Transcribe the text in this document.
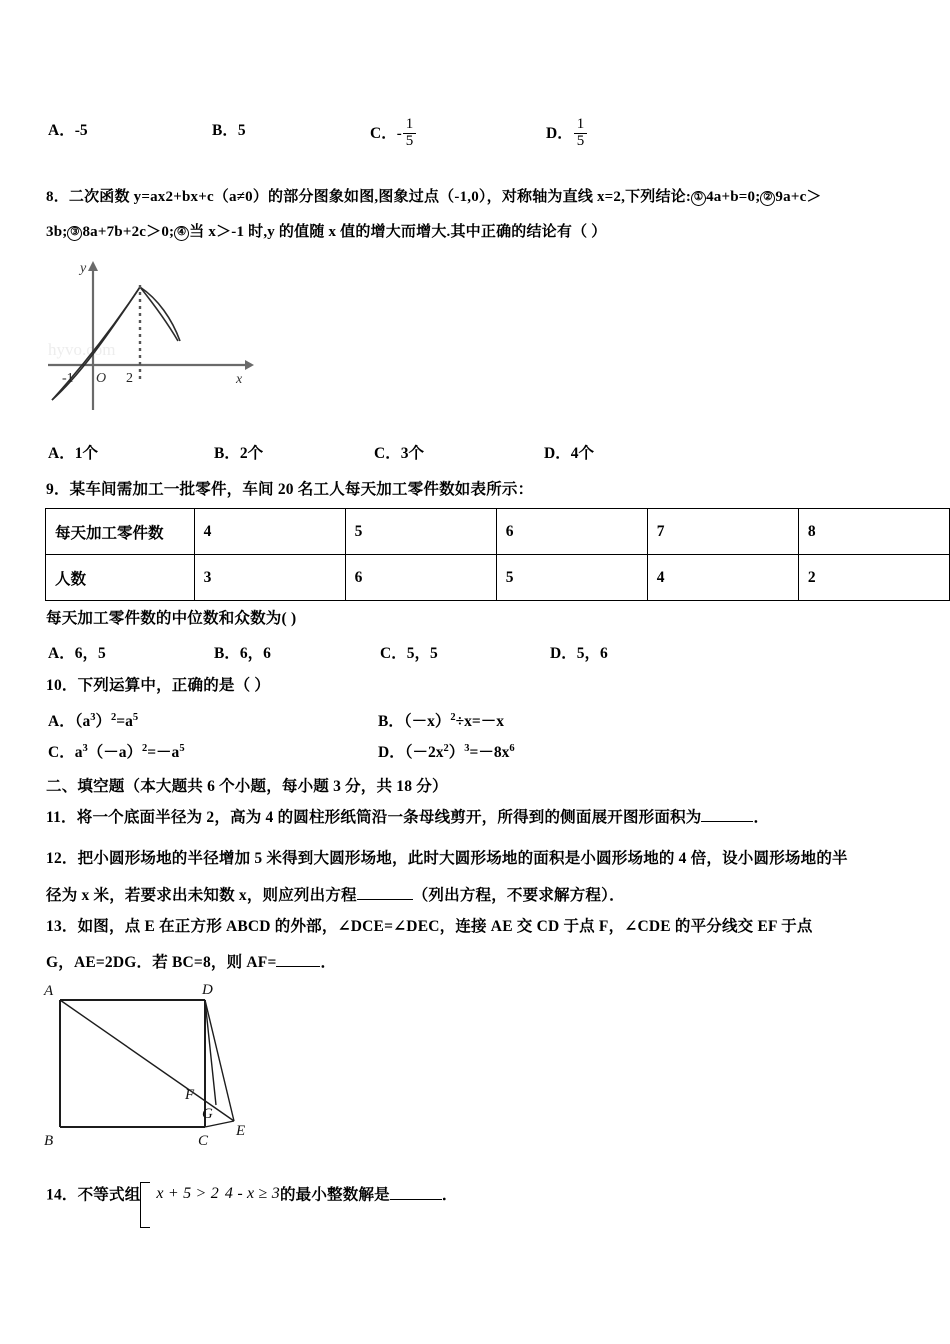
A．-5	B．5	C．- $\frac{1}{5}$	D． $\frac{1}{5}$
8．二次函数 y=ax2+bx+c（a≠0）的部分图象如图,图象过点（-1,0），对称轴为直线 x=2,下列结论: ① 4a+b=0; ② 9a+c＞
3b; ③ 8a+7b+2c＞0; ④ 当 x＞-1 时,y 的值随 x 值的增大而增大.其中正确的结论有（ ）
hyvo.com
y
x
O
-1	2
A．1个	B．2个	C．3个	D．4个
9．某车间需加工一批零件，车间 20 名工人每天加工零件数如表所示：
每天加工零件数	4	5	6	7	8
人数	3	6	5	4	2
每天加工零件数的中位数和众数为( )
A．6，5	B．6，6	C．5，5	D．5，6
10．下列运算中，正确的是（ ）
A．$(a^3)^2=a^5$	B．$(-x)^2\div x=-x$
C．$a^3(-a)^2=-a^5$	D．$(-2x^2)^3=-8x^6$
二、填空题（本大题共 6 个小题，每小题 3 分，共 18 分）
11．将一个底面半径为 2，高为 4 的圆柱形纸筒沿一条母线剪开，所得到的侧面展开图形面积为	．
12．把小圆形场地的半径增加 5 米得到大圆形场地，此时大圆形场地的面积是小圆形场地的 4 倍，设小圆形场地的半
径为 x 米，若要求出未知数 x，则应列出方程	（列出方程，不要求解方程）．
13．如图，点 E 在正方形 ABCD 的外部，∠DCE=∠DEC，连接 AE 交 CD 于点 F，∠CDE 的平分线交 EF 于点
G，AE=2DG．若 BC=8，则 AF=	．
A
B	C
D
E
F
G
14．不等式组 x + 5 > 2 4 - x ≥ 3的最小整数解是	．
